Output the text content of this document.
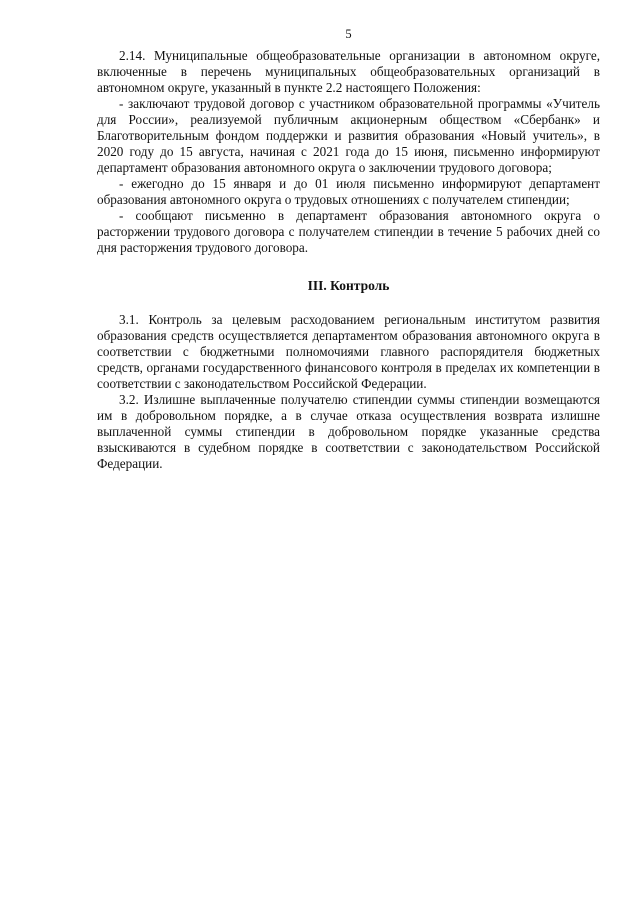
5

2.14. Муниципальные общеобразовательные организации в автономном округе, включенные в перечень муниципальных общеобразовательных организаций в автономном округе, указанный в пункте 2.2 настоящего Положения:

- заключают трудовой договор с участником образовательной программы «Учитель для России», реализуемой публичным акционерным обществом «Сбербанк» и Благотворительным фондом поддержки и развития образования «Новый учитель», в 2020 году до 15 августа, начиная с 2021 года до 15 июня, письменно информируют департамент образования автономного округа о заключении трудового договора;

- ежегодно до 15 января и до 01 июля письменно информируют департамент образования автономного округа о трудовых отношениях с получателем стипендии;

- сообщают письменно в департамент образования автономного округа о расторжении трудового договора с получателем стипендии в течение 5 рабочих дней со дня расторжения трудового договора.

III. Контроль

3.1. Контроль за целевым расходованием региональным институтом развития образования средств осуществляется департаментом образования автономного округа в соответствии с бюджетными полномочиями главного распорядителя бюджетных средств, органами государственного финансового контроля в пределах их компетенции в соответствии с законодательством Российской Федерации.

3.2. Излишне выплаченные получателю стипендии суммы стипендии возмещаются им в добровольном порядке, а в случае отказа осуществления возврата излишне выплаченной суммы стипендии в добровольном порядке указанные средства взыскиваются в судебном порядке в соответствии с законодательством Российской Федерации.
